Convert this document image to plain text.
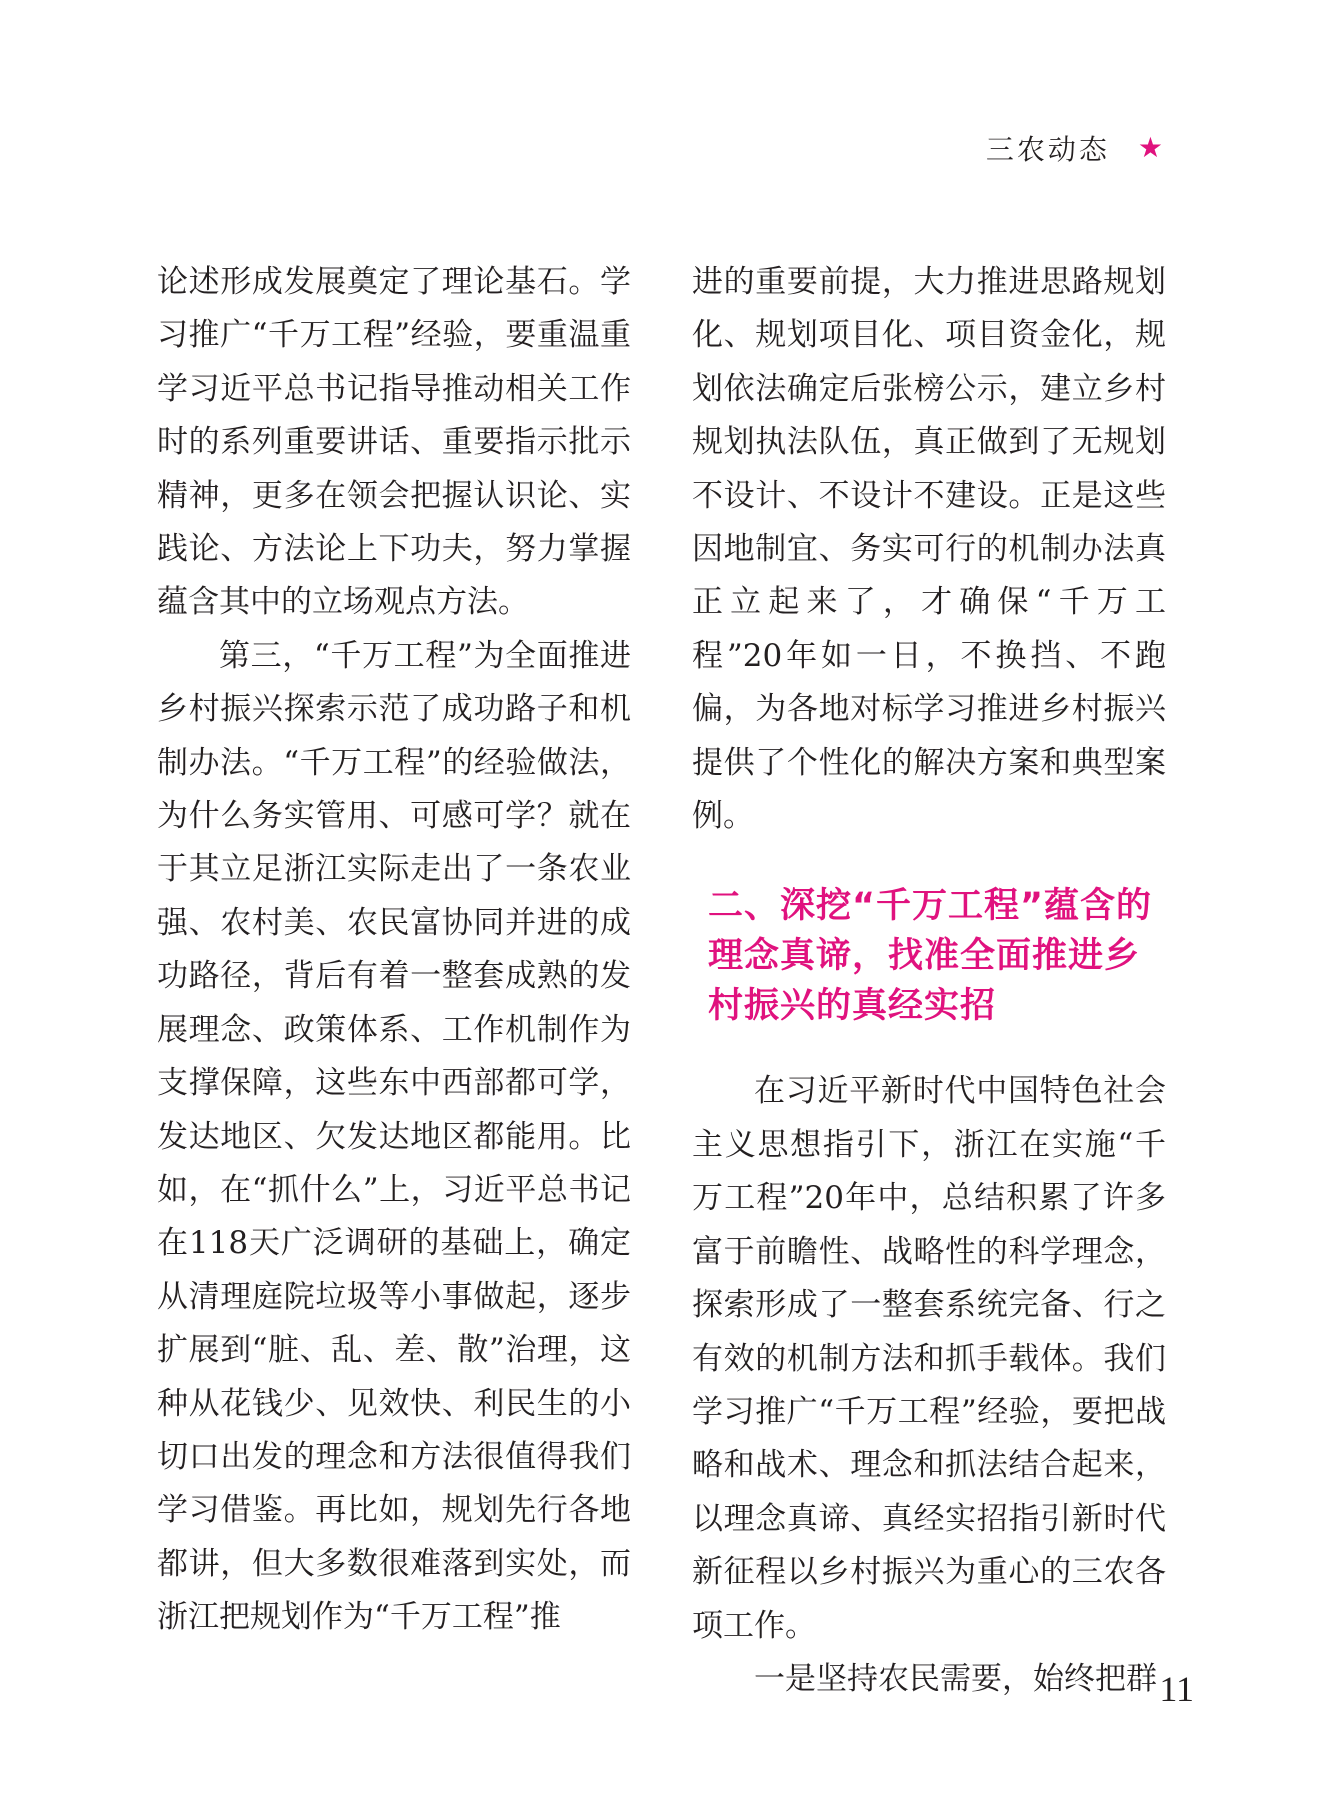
三农动态 ★

论述形成发展奠定了理论基石。学习推广“千万工程”经验，要重温重学习近平总书记指导推动相关工作时的系列重要讲话、重要指示批示精神，更多在领会把握认识论、实践论、方法论上下功夫，努力掌握蕴含其中的立场观点方法。

第三，“千万工程”为全面推进乡村振兴探索示范了成功路子和机制办法。“千万工程”的经验做法，为什么务实管用、可感可学？就在于其立足浙江实际走出了一条农业强、农村美、农民富协同并进的成功路径，背后有着一整套成熟的发展理念、政策体系、工作机制作为支撑保障，这些东中西部都可学，发达地区、欠发达地区都能用。比如，在“抓什么”上，习近平总书记在118天广泛调研的基础上，确定从清理庭院垃圾等小事做起，逐步扩展到“脏、乱、差、散”治理，这种从花钱少、见效快、利民生的小切口出发的理念和方法很值得我们学习借鉴。再比如，规划先行各地都讲，但大多数很难落到实处，而浙江把规划作为“千万工程”推

进的重要前提，大力推进思路规划化、规划项目化、项目资金化，规划依法确定后张榜公示，建立乡村规划执法队伍，真正做到了无规划不设计、不设计不建设。正是这些因地制宜、务实可行的机制办法真正立起来了，才确保“千万工程”20年如一日，不换挡、不跑偏，为各地对标学习推进乡村振兴提供了个性化的解决方案和典型案例。

二、深挖“千万工程”蕴含的理念真谛，找准全面推进乡村振兴的真经实招

在习近平新时代中国特色社会主义思想指引下，浙江在实施“千万工程”20年中，总结积累了许多富于前瞻性、战略性的科学理念，探索形成了一整套系统完备、行之有效的机制方法和抓手载体。我们学习推广“千万工程”经验，要把战略和战术、理念和抓法结合起来，以理念真谛、真经实招指引新时代新征程以乡村振兴为重心的三农各项工作。

一是坚持农民需要，始终把群 11
